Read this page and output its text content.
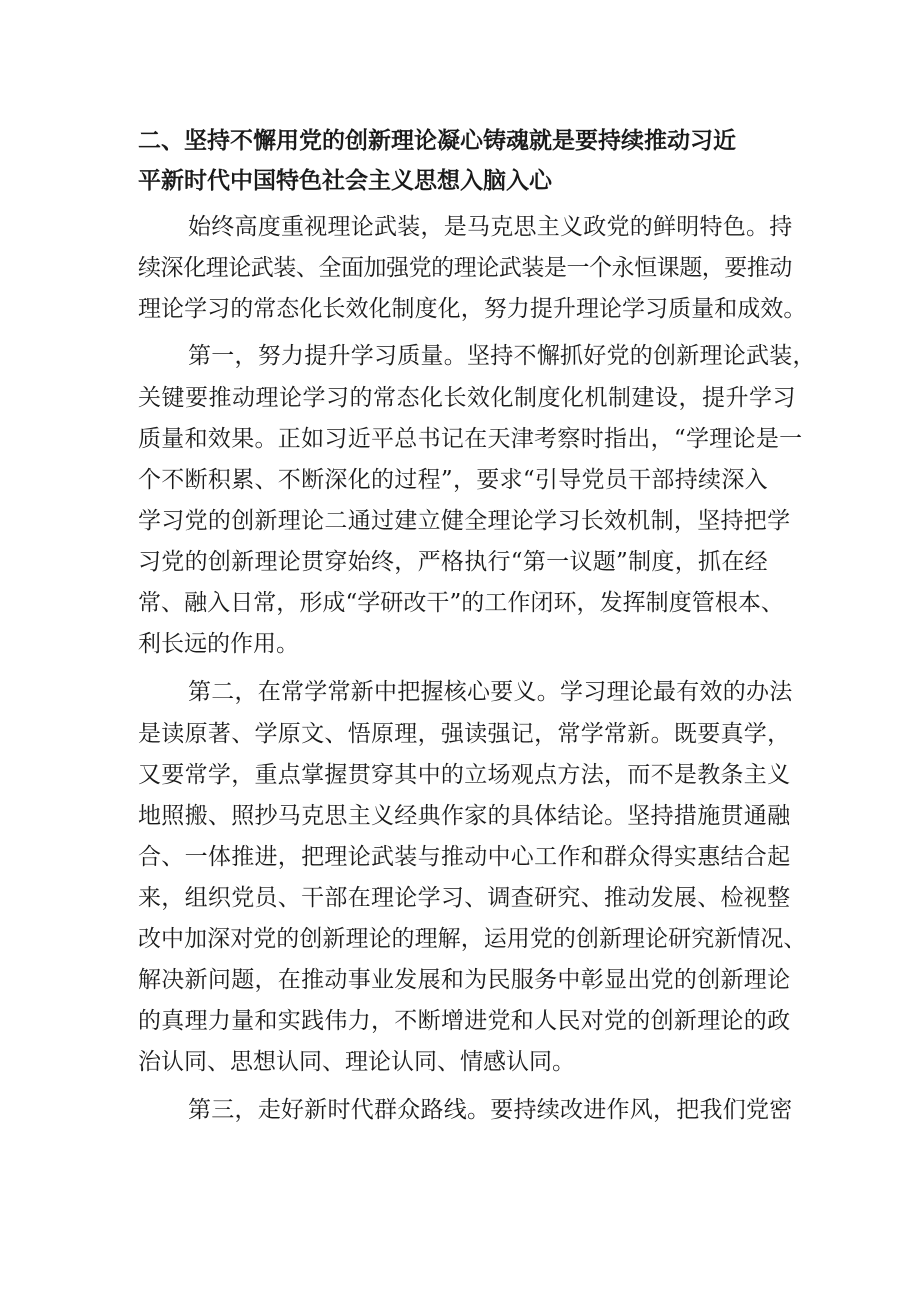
二、坚持不懈用党的创新理论凝心铸魂就是要持续推动习近
平新时代中国特色社会主义思想入脑入心
始终高度重视理论武装，是马克思主义政党的鲜明特色。持
续深化理论武装、全面加强党的理论武装是一个永恒课题，要推动
理论学习的常态化长效化制度化，努力提升理论学习质量和成效。
第一，努力提升学习质量。坚持不懈抓好党的创新理论武装，
关键要推动理论学习的常态化长效化制度化机制建设，提升学习
质量和效果。正如习近平总书记在天津考察时指出，“学理论是一
个不断积累、不断深化的过程”，要求“引导党员干部持续深入
学习党的创新理论二通过建立健全理论学习长效机制，坚持把学
习党的创新理论贯穿始终，严格执行“第一议题”制度，抓在经
常、融入日常，形成“学研改干”的工作闭环，发挥制度管根本、
利长远的作用。
第二，在常学常新中把握核心要义。学习理论最有效的办法
是读原著、学原文、悟原理，强读强记，常学常新。既要真学，
又要常学，重点掌握贯穿其中的立场观点方法，而不是教条主义
地照搬、照抄马克思主义经典作家的具体结论。坚持措施贯通融
合、一体推进，把理论武装与推动中心工作和群众得实惠结合起
来，组织党员、干部在理论学习、调查研究、推动发展、检视整
改中加深对党的创新理论的理解，运用党的创新理论研究新情况、
解决新问题，在推动事业发展和为民服务中彰显出党的创新理论
的真理力量和实践伟力，不断增进党和人民对党的创新理论的政
治认同、思想认同、理论认同、情感认同。
第三，走好新时代群众路线。要持续改进作风，把我们党密
